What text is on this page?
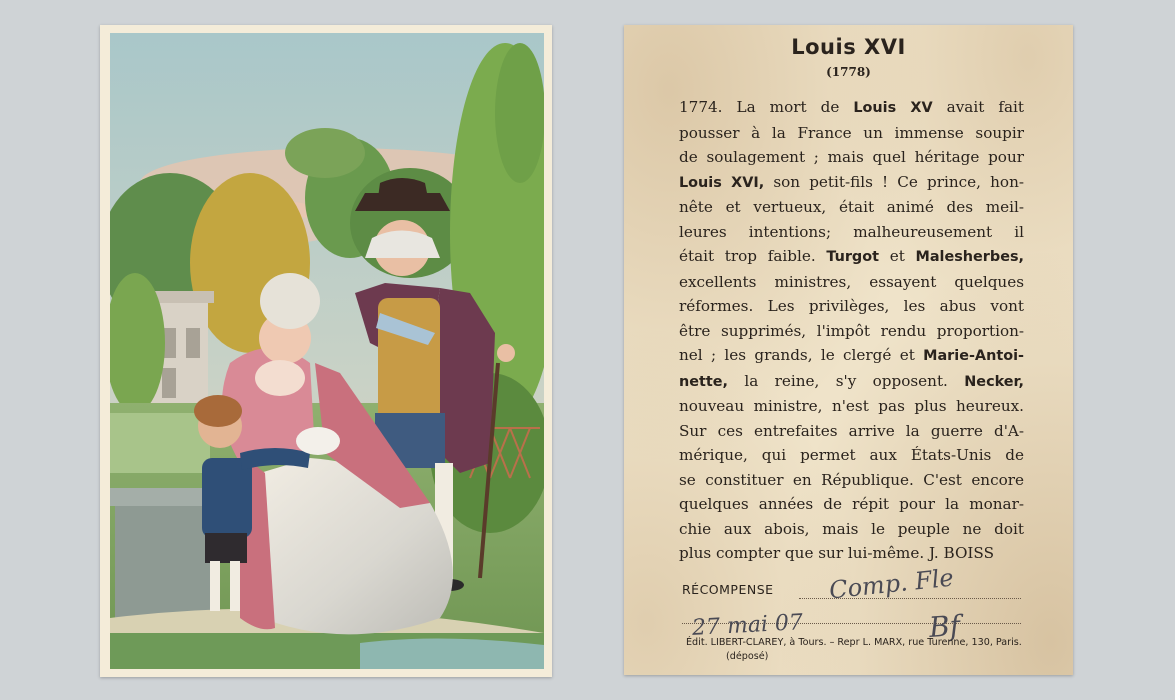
Louis XVI
(1778)
1774. La mort de Louis XV avait fait
pousser à la France un immense soupir
de soulagement ; mais quel héritage pour
Louis XVI, son petit-fils ! Ce prince, hon-
nête et vertueux, était animé des meil-
leures intentions; malheureusement il
était trop faible. Turgot et Malesherbes,
excellents ministres, essayent quelques
réformes. Les privilèges, les abus vont
être supprimés, l'impôt rendu proportion-
nel ; les grands, le clergé et Marie-Antoi-
nette, la reine, s'y opposent. Necker,
nouveau ministre, n'est pas plus heureux.
Sur ces entrefaites arrive la guerre d'A-
mérique, qui permet aux États-Unis de
se constituer en République. C'est encore
quelques années de répit pour la monar-
chie aux abois, mais le peuple ne doit
plus compter que sur lui-même. J. BOISS
RÉCOMPENSE Comp. Fle
27 mai 07	Bf
Édit. LIBERT-CLAREY, à Tours. – Repr L. MARX, rue Turenne, 130, Paris.
(déposé)
